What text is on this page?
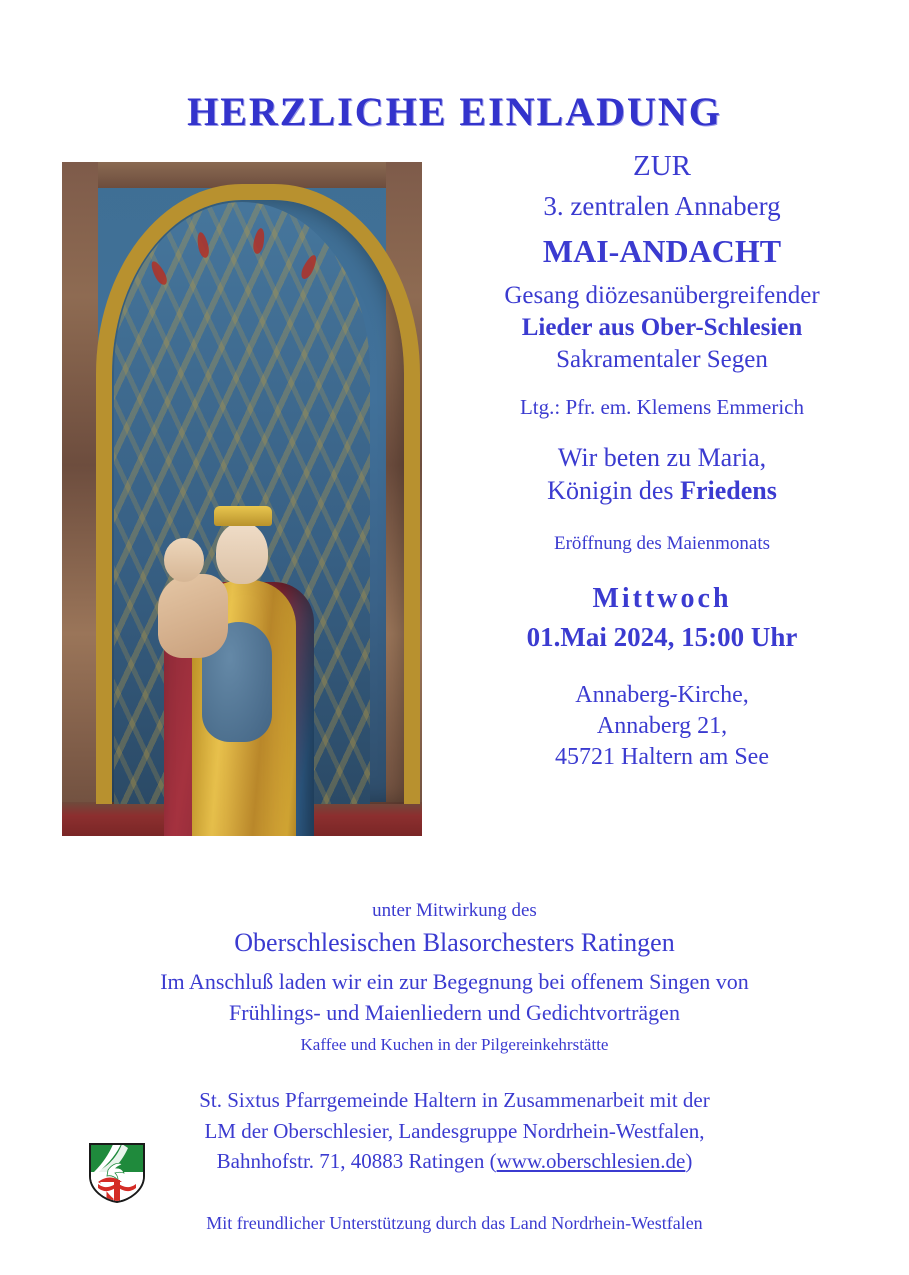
HERZLICHE EINLADUNG
ZUR
3. zentralen Annaberg
MAI-ANDACHT
Gesang diözesanübergreifender
Lieder aus Ober-Schlesien
Sakramentaler Segen
Ltg.: Pfr. em. Klemens Emmerich
Wir beten zu Maria,
Königin des Friedens
Eröffnung des Maienmonats
Mittwoch
01.Mai 2024, 15:00 Uhr
Annaberg-Kirche,
Annaberg 21,
45721 Haltern am See
unter Mitwirkung des
Oberschlesischen Blasorchesters Ratingen
Im Anschluß laden wir ein zur Begegnung bei offenem Singen von
Frühlings- und Maienliedern und Gedichtvorträgen
Kaffee und Kuchen in der Pilgereinkehrstätte
St. Sixtus Pfarrgemeinde Haltern in Zusammenarbeit mit der
LM der Oberschlesier, Landesgruppe Nordrhein-Westfalen,
Bahnhofstr. 71, 40883 Ratingen (www.oberschlesien.de)
Mit freundlicher Unterstützung durch das Land Nordrhein-Westfalen
